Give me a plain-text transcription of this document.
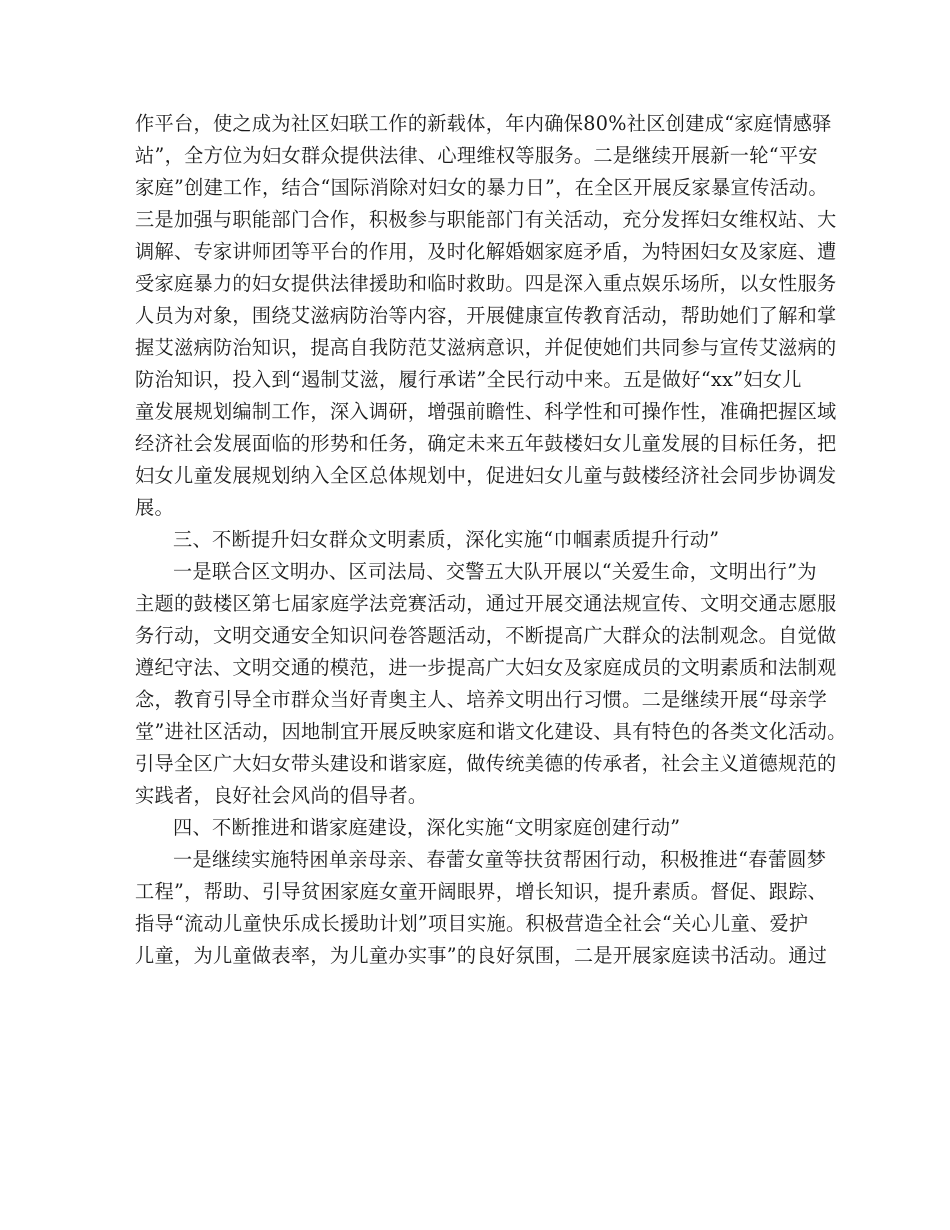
作平台，使之成为社区妇联工作的新载体，年内确保80%社区创建成“家庭情感驿
站”，全方位为妇女群众提供法律、心理维权等服务。二是继续开展新一轮“平安
家庭”创建工作，结合“国际消除对妇女的暴力日”，在全区开展反家暴宣传活动。
三是加强与职能部门合作，积极参与职能部门有关活动，充分发挥妇女维权站、大
调解、专家讲师团等平台的作用，及时化解婚姻家庭矛盾，为特困妇女及家庭、遭
受家庭暴力的妇女提供法律援助和临时救助。四是深入重点娱乐场所，以女性服务
人员为对象，围绕艾滋病防治等内容，开展健康宣传教育活动，帮助她们了解和掌
握艾滋病防治知识，提高自我防范艾滋病意识，并促使她们共同参与宣传艾滋病的
防治知识，投入到“遏制艾滋，履行承诺”全民行动中来。五是做好“xx”妇女儿
童发展规划编制工作，深入调研，增强前瞻性、科学性和可操作性，准确把握区域
经济社会发展面临的形势和任务，确定未来五年鼓楼妇女儿童发展的目标任务，把
妇女儿童发展规划纳入全区总体规划中，促进妇女儿童与鼓楼经济社会同步协调发
展。
三、不断提升妇女群众文明素质，深化实施“巾帼素质提升行动”
一是联合区文明办、区司法局、交警五大队开展以“关爱生命，文明出行”为
主题的鼓楼区第七届家庭学法竞赛活动，通过开展交通法规宣传、文明交通志愿服
务行动，文明交通安全知识问卷答题活动，不断提高广大群众的法制观念。自觉做
遵纪守法、文明交通的模范，进一步提高广大妇女及家庭成员的文明素质和法制观
念，教育引导全市群众当好青奥主人、培养文明出行习惯。二是继续开展“母亲学
堂”进社区活动，因地制宜开展反映家庭和谐文化建设、具有特色的各类文化活动。
引导全区广大妇女带头建设和谐家庭，做传统美德的传承者，社会主义道德规范的
实践者，良好社会风尚的倡导者。
四、不断推进和谐家庭建设，深化实施“文明家庭创建行动”
一是继续实施特困单亲母亲、春蕾女童等扶贫帮困行动，积极推进“春蕾圆梦
工程”，帮助、引导贫困家庭女童开阔眼界，增长知识，提升素质。督促、跟踪、
指导“流动儿童快乐成长援助计划”项目实施。积极营造全社会“关心儿童、爱护
儿童，为儿童做表率，为儿童办实事”的良好氛围，二是开展家庭读书活动。通过
